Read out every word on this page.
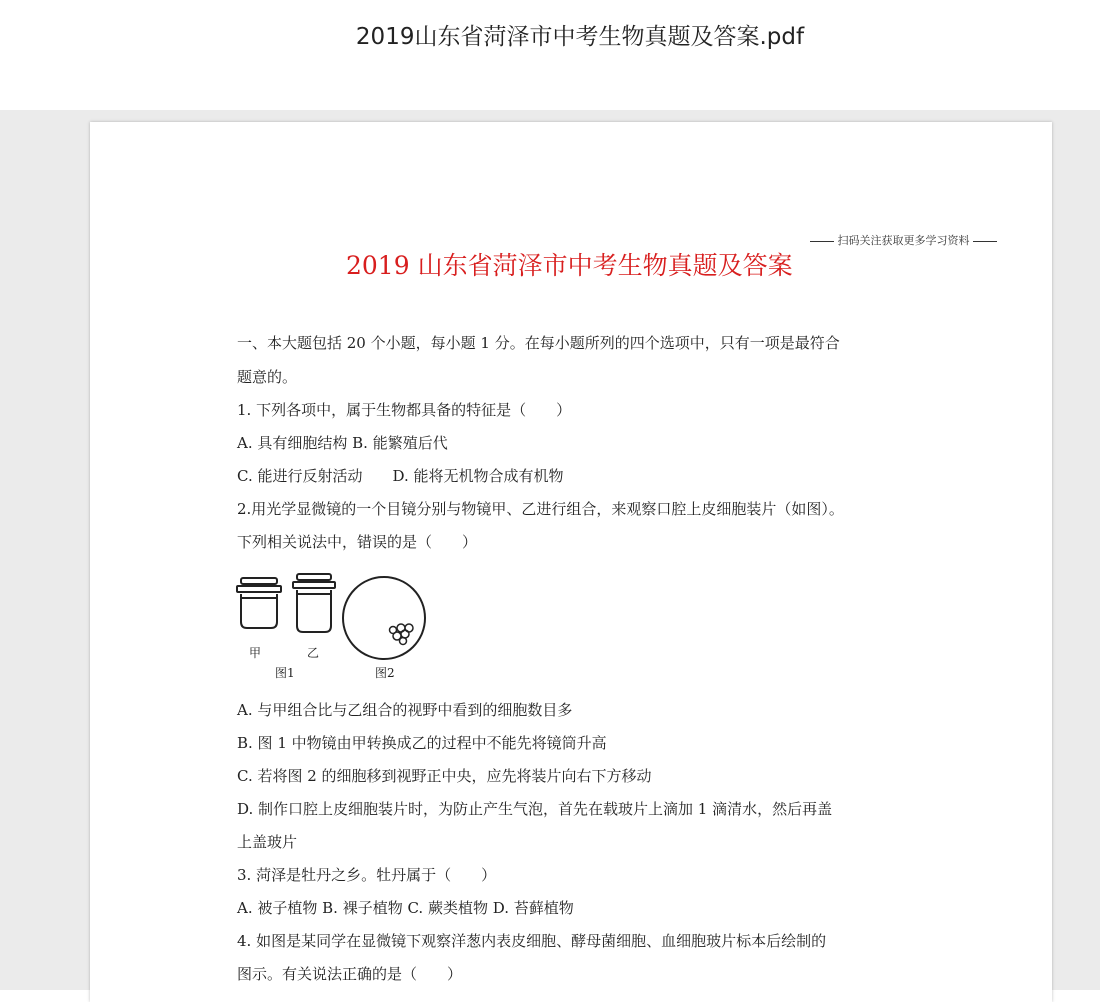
2019山东省菏泽市中考生物真题及答案.pdf
扫码关注获取更多学习资料
2019 山东省菏泽市中考生物真题及答案
一、本大题包括 20 个小题，每小题 1 分。在每小题所列的四个选项中，只有一项是最符合
题意的。
1. 下列各项中，属于生物都具备的特征是（　　）
A. 具有细胞结构 B. 能繁殖后代
C. 能进行反射活动　　D. 能将无机物合成有机物
2.用光学显微镜的一个目镜分别与物镜甲、乙进行组合，来观察口腔上皮细胞装片（如图）。
下列相关说法中，错误的是（　　）
甲	乙
图1	图2
A. 与甲组合比与乙组合的视野中看到的细胞数目多
B. 图 1 中物镜由甲转换成乙的过程中不能先将镜筒升高
C. 若将图 2 的细胞移到视野正中央，应先将装片向右下方移动
D. 制作口腔上皮细胞装片时，为防止产生气泡，首先在载玻片上滴加 1 滴清水，然后再盖
上盖玻片
3. 菏泽是牡丹之乡。牡丹属于（　　）
A. 被子植物 B. 裸子植物 C. 蕨类植物 D. 苔藓植物
4. 如图是某同学在显微镜下观察洋葱内表皮细胞、酵母菌细胞、血细胞玻片标本后绘制的
图示。有关说法正确的是（　　）
